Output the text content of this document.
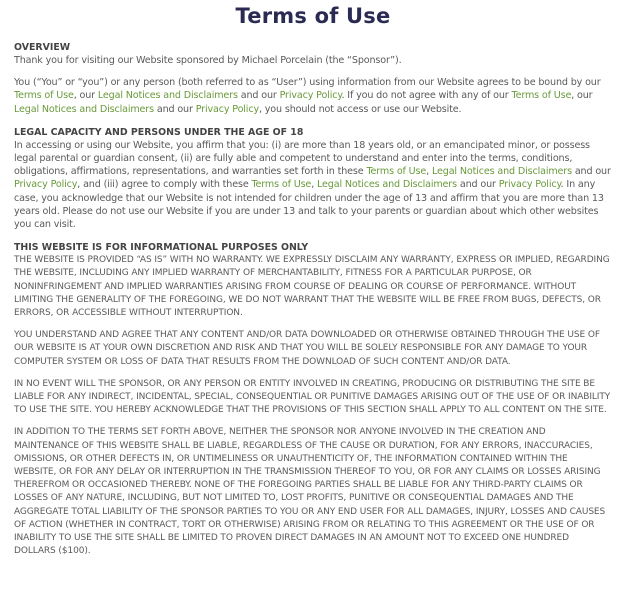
Terms of Use
OVERVIEW

Thank you for visiting our Website sponsored by Michael Porcelain (the “Sponsor”).

You (“You” or “you”) or any person (both referred to as “User”) using information from our Website agrees to be bound by our Terms of Use, our Legal Notices and Disclaimers and our Privacy Policy. If you do not agree with any of our Terms of Use, our Legal Notices and Disclaimers and our Privacy Policy, you should not access or use our Website.

LEGAL CAPACITY AND PERSONS UNDER THE AGE OF 18

In accessing or using our Website, you affirm that you: (i) are more than 18 years old, or an emancipated minor, or possess legal parental or guardian consent, (ii) are fully able and competent to understand and enter into the terms, conditions, obligations, affirmations, representations, and warranties set forth in these Terms of Use, Legal Notices and Disclaimers and our Privacy Policy, and (iii) agree to comply with these Terms of Use, Legal Notices and Disclaimers and our Privacy Policy. In any case, you acknowledge that our Website is not intended for children under the age of 13 and affirm that you are more than 13 years old. Please do not use our Website if you are under 13 and talk to your parents or guardian about which other websites you can visit.

THIS WEBSITE IS FOR INFORMATIONAL PURPOSES ONLY

THE WEBSITE IS PROVIDED “AS IS” WITH NO WARRANTY. WE EXPRESSLY DISCLAIM ANY WARRANTY, EXPRESS OR IMPLIED, REGARDING THE WEBSITE, INCLUDING ANY IMPLIED WARRANTY OF MERCHANTABILITY, FITNESS FOR A PARTICULAR PURPOSE, OR NONINFRINGEMENT AND IMPLIED WARRANTIES ARISING FROM COURSE OF DEALING OR COURSE OF PERFORMANCE. WITHOUT LIMITING THE GENERALITY OF THE FOREGOING, WE DO NOT WARRANT THAT THE WEBSITE WILL BE FREE FROM BUGS, DEFECTS, OR ERRORS, OR ACCESSIBLE WITHOUT INTERRUPTION.

YOU UNDERSTAND AND AGREE THAT ANY CONTENT AND/OR DATA DOWNLOADED OR OTHERWISE OBTAINED THROUGH THE USE OF OUR WEBSITE IS AT YOUR OWN DISCRETION AND RISK AND THAT YOU WILL BE SOLELY RESPONSIBLE FOR ANY DAMAGE TO YOUR COMPUTER SYSTEM OR LOSS OF DATA THAT RESULTS FROM THE DOWNLOAD OF SUCH CONTENT AND/OR DATA.

IN NO EVENT WILL THE SPONSOR, OR ANY PERSON OR ENTITY INVOLVED IN CREATING, PRODUCING OR DISTRIBUTING THE SITE BE LIABLE FOR ANY INDIRECT, INCIDENTAL, SPECIAL, CONSEQUENTIAL OR PUNITIVE DAMAGES ARISING OUT OF THE USE OF OR INABILITY TO USE THE SITE. YOU HEREBY ACKNOWLEDGE THAT THE PROVISIONS OF THIS SECTION SHALL APPLY TO ALL CONTENT ON THE SITE.

IN ADDITION TO THE TERMS SET FORTH ABOVE, NEITHER THE SPONSOR NOR ANYONE INVOLVED IN THE CREATION AND MAINTENANCE OF THIS WEBSITE SHALL BE LIABLE, REGARDLESS OF THE CAUSE OR DURATION, FOR ANY ERRORS, INACCURACIES, OMISSIONS, OR OTHER DEFECTS IN, OR UNTIMELINESS OR UNAUTHENTICITY OF, THE INFORMATION CONTAINED WITHIN THE WEBSITE, OR FOR ANY DELAY OR INTERRUPTION IN THE TRANSMISSION THEREOF TO YOU, OR FOR ANY CLAIMS OR LOSSES ARISING THEREFROM OR OCCASIONED THEREBY. NONE OF THE FOREGOING PARTIES SHALL BE LIABLE FOR ANY THIRD-PARTY CLAIMS OR LOSSES OF ANY NATURE, INCLUDING, BUT NOT LIMITED TO, LOST PROFITS, PUNITIVE OR CONSEQUENTIAL DAMAGES AND THE AGGREGATE TOTAL LIABILITY OF THE SPONSOR PARTIES TO YOU OR ANY END USER FOR ALL DAMAGES, INJURY, LOSSES AND CAUSES OF ACTION (WHETHER IN CONTRACT, TORT OR OTHERWISE) ARISING FROM OR RELATING TO THIS AGREEMENT OR THE USE OF OR INABILITY TO USE THE SITE SHALL BE LIMITED TO PROVEN DIRECT DAMAGES IN AN AMOUNT NOT TO EXCEED ONE HUNDRED DOLLARS ($100).
